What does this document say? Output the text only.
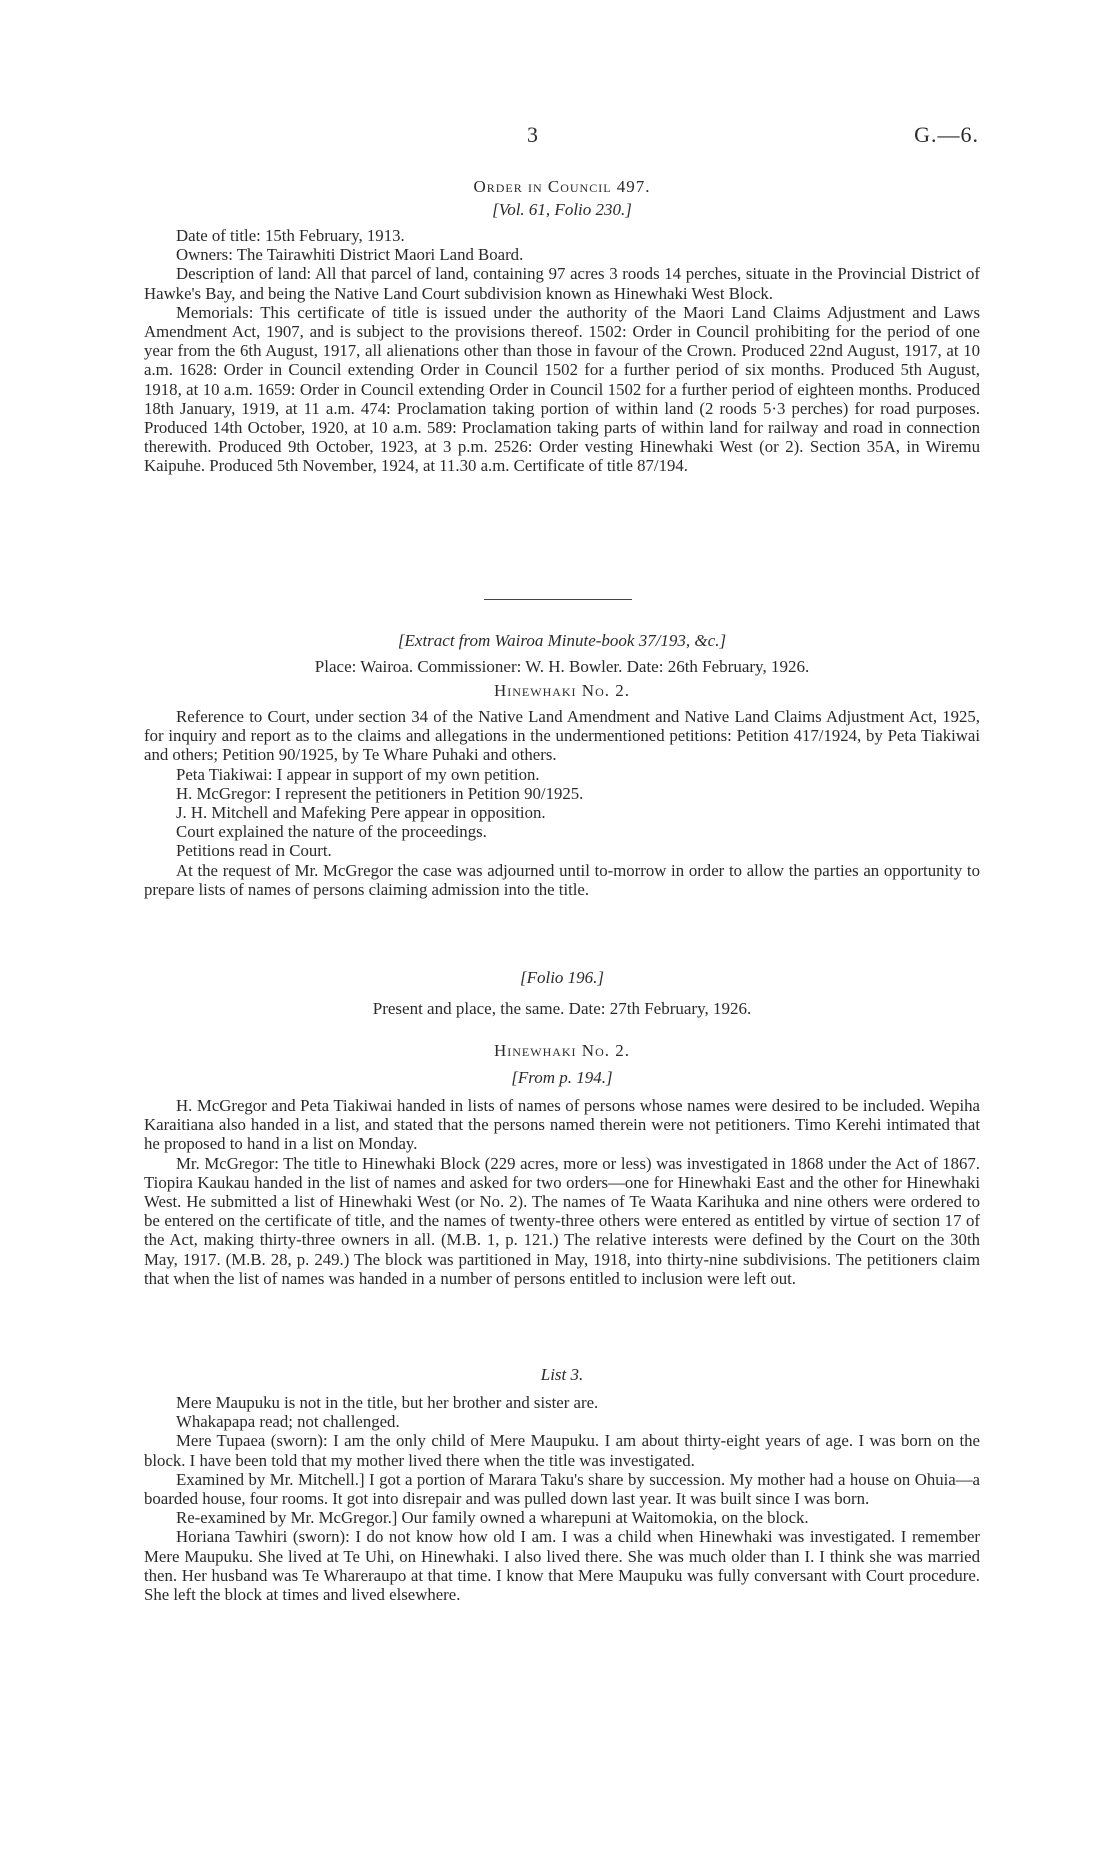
3	G.—6.
Order in Council 497.
[Vol. 61, Folio 230.]

Date of title: 15th February, 1913.

Owners: The Tairawhiti District Maori Land Board.

Description of land: All that parcel of land, containing 97 acres 3 roods 14 perches, situate in the Provincial District of Hawke's Bay, and being the Native Land Court subdivision known as Hinewhaki West Block.

Memorials: This certificate of title is issued under the authority of the Maori Land Claims Adjustment and Laws Amendment Act, 1907, and is subject to the provisions thereof. 1502: Order in Council prohibiting for the period of one year from the 6th August, 1917, all alienations other than those in favour of the Crown. Produced 22nd August, 1917, at 10 a.m. 1628: Order in Council extending Order in Council 1502 for a further period of six months. Produced 5th August, 1918, at 10 a.m. 1659: Order in Council extending Order in Council 1502 for a further period of eighteen months. Produced 18th January, 1919, at 11 a.m. 474: Proclamation taking portion of within land (2 roods 5·3 perches) for road purposes. Produced 14th October, 1920, at 10 a.m. 589: Proclamation taking parts of within land for railway and road in connection therewith. Produced 9th October, 1923, at 3 p.m. 2526: Order vesting Hinewhaki West (or 2). Section 35A, in Wiremu Kaipuhe. Produced 5th November, 1924, at 11.30 a.m. Certificate of title 87/194.

[Extract from Wairoa Minute-book 37/193, &c.]
Place: Wairoa. Commissioner: W. H. Bowler. Date: 26th February, 1926.
Hinewhaki No. 2.

Reference to Court, under section 34 of the Native Land Amendment and Native Land Claims Adjustment Act, 1925, for inquiry and report as to the claims and allegations in the undermentioned petitions: Petition 417/1924, by Peta Tiakiwai and others; Petition 90/1925, by Te Whare Puhaki and others.

Peta Tiakiwai: I appear in support of my own petition.

H. McGregor: I represent the petitioners in Petition 90/1925.

J. H. Mitchell and Mafeking Pere appear in opposition.

Court explained the nature of the proceedings.

Petitions read in Court.

At the request of Mr. McGregor the case was adjourned until to-morrow in order to allow the parties an opportunity to prepare lists of names of persons claiming admission into the title.

[Folio 196.]
Present and place, the same. Date: 27th February, 1926.
Hinewhaki No. 2.
[From p. 194.]

H. McGregor and Peta Tiakiwai handed in lists of names of persons whose names were desired to be included. Wepiha Karaitiana also handed in a list, and stated that the persons named therein were not petitioners. Timo Kerehi intimated that he proposed to hand in a list on Monday.

Mr. McGregor: The title to Hinewhaki Block (229 acres, more or less) was investigated in 1868 under the Act of 1867. Tiopira Kaukau handed in the list of names and asked for two orders—one for Hinewhaki East and the other for Hinewhaki West. He submitted a list of Hinewhaki West (or No. 2). The names of Te Waata Karihuka and nine others were ordered to be entered on the certificate of title, and the names of twenty-three others were entered as entitled by virtue of section 17 of the Act, making thirty-three owners in all. (M.B. 1, p. 121.) The relative interests were defined by the Court on the 30th May, 1917. (M.B. 28, p. 249.) The block was partitioned in May, 1918, into thirty-nine subdivisions. The petitioners claim that when the list of names was handed in a number of persons entitled to inclusion were left out.

List 3.

Mere Maupuku is not in the title, but her brother and sister are.

Whakapapa read; not challenged.

Mere Tupaea (sworn): I am the only child of Mere Maupuku. I am about thirty-eight years of age. I was born on the block. I have been told that my mother lived there when the title was investigated.

Examined by Mr. Mitchell.] I got a portion of Marara Taku's share by succession. My mother had a house on Ohuia—a boarded house, four rooms. It got into disrepair and was pulled down last year. It was built since I was born.

Re-examined by Mr. McGregor.] Our family owned a wharepuni at Waitomokia, on the block.

Horiana Tawhiri (sworn): I do not know how old I am. I was a child when Hinewhaki was investigated. I remember Mere Maupuku. She lived at Te Uhi, on Hinewhaki. I also lived there. She was much older than I. I think she was married then. Her husband was Te Whareraupo at that time. I know that Mere Maupuku was fully conversant with Court procedure. She left the block at times and lived elsewhere.
